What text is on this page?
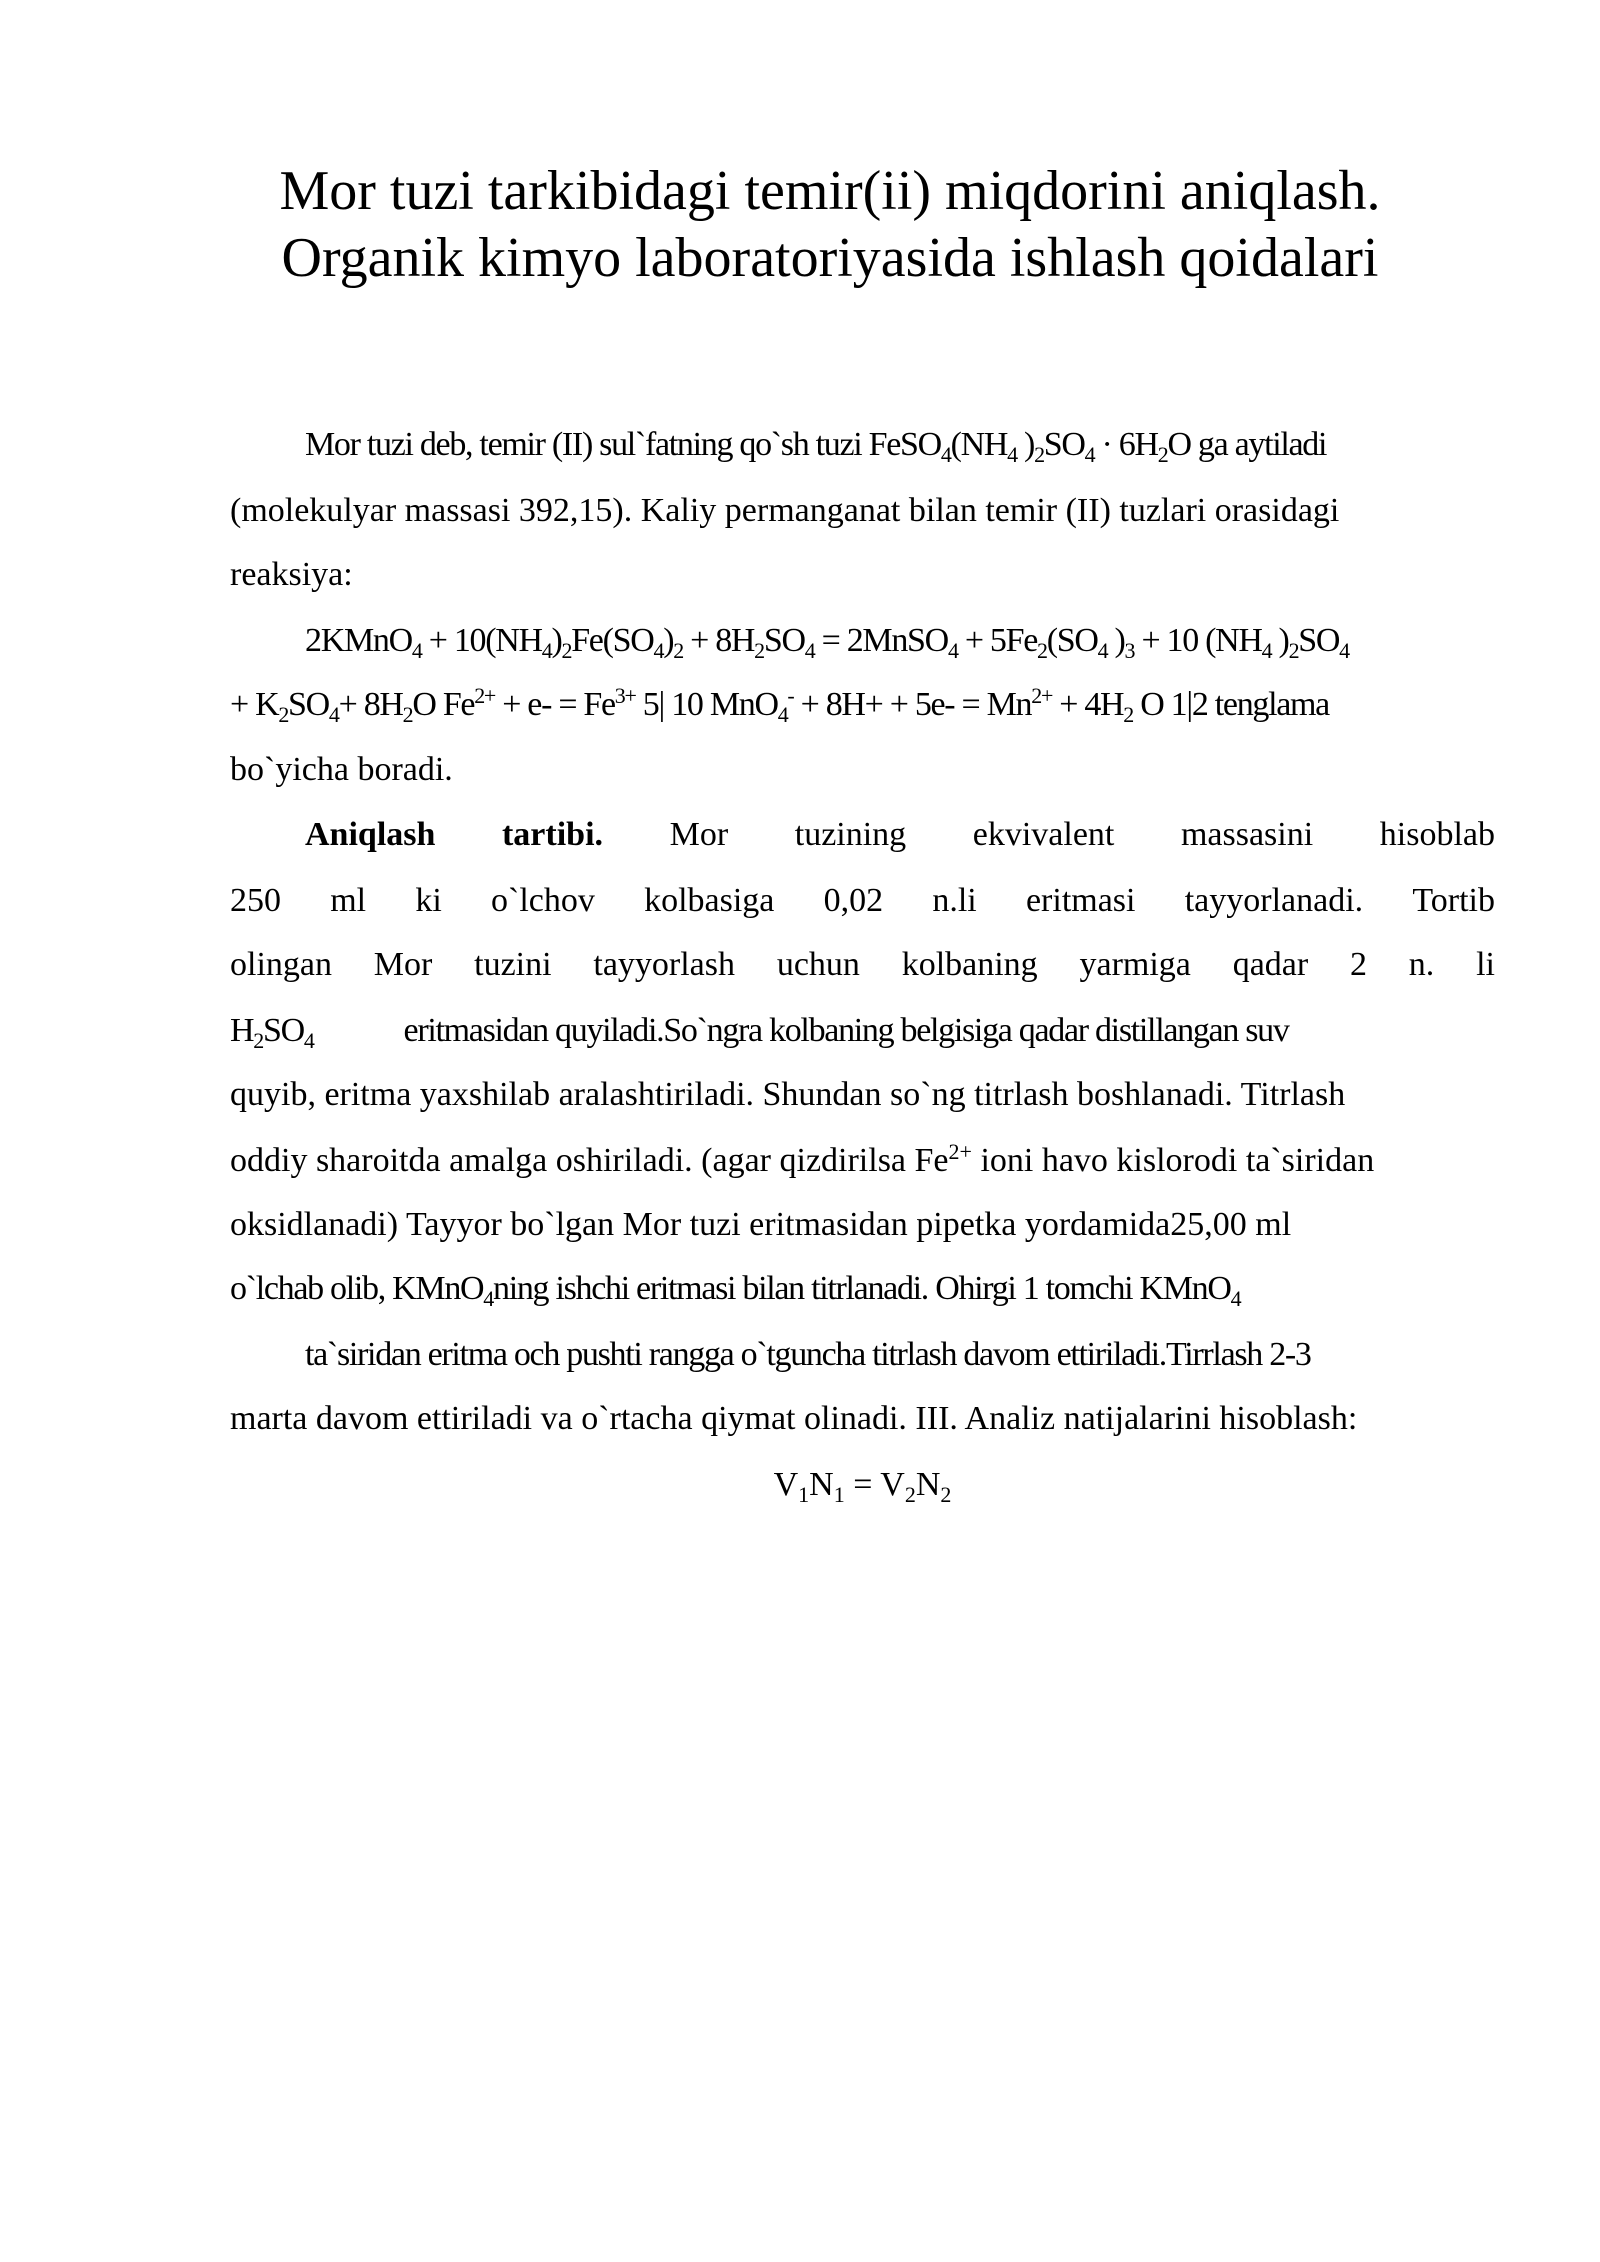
Mor tuzi tarkibidagi temir(ii) miqdorini aniqlash.
Organik kimyo laboratoriyasida ishlash qoidalari
Mor tuzi deb, temir (II) sul`fatning qo`sh tuzi $FeSO_4(NH_4$ )$_2SO_4 \cdot 6H_2O$ ga aytiladi
(molekulyar massasi 392,15). Kaliy permanganat bilan temir (II) tuzlari orasidagi
reaksiya:
2KMnO$_4$ + $10(NH_4)_2Fe(SO_4)_2 + 8H_2SO_4$ = 2MnSO$_4$ + $5Fe_2(SO_4$ )$_3 + 10$ ($NH_4$ )$_2SO_4$
+ $K_2SO_4+ 8H_2O$ $Fe^{2+} + e- = Fe^{3+}$ 5| 10 $MnO_4^- + 8H+ + 5e- = Mn^{2+} + 4H_2$ O 1|2 tenglama
bo`yicha boradi.
Aniqlash tartibi. Mor tuzining ekvivalent massasini hisoblab
250 ml ki o`lchov kolbasiga 0,02 n.li eritmasi tayyorlanadi. Tortib
olingan Mor tuzini tayyorlash uchun kolbaning yarmiga qadar 2 n. li
$H_2SO_4$	eritmasidan quyiladi.So`ngra kolbaning belgisiga qadar distillangan suv
quyib, eritma yaxshilab aralashtiriladi. Shundan so`ng titrlash boshlanadi. Titrlash
oddiy sharoitda amalga oshiriladi. (agar qizdirilsa $Fe^{2+}$ ioni havo kislorodi ta`siridan
oksidlanadi) Tayyor bo`lgan Mor tuzi eritmasidan pipetka yordamida25,00 ml
o`lchab olib, KMnO$_4$ning ishchi eritmasi bilan titrlanadi. Ohirgi 1 tomchi KMnO$_4$
ta`siridan eritma och pushti rangga o`tguncha titrlash davom ettiriladi.Tirrlash 2-3
marta davom ettiriladi va o`rtacha qiymat olinadi. III. Analiz natijalarini hisoblash:
$V_1N_1 = V_2N_2$
